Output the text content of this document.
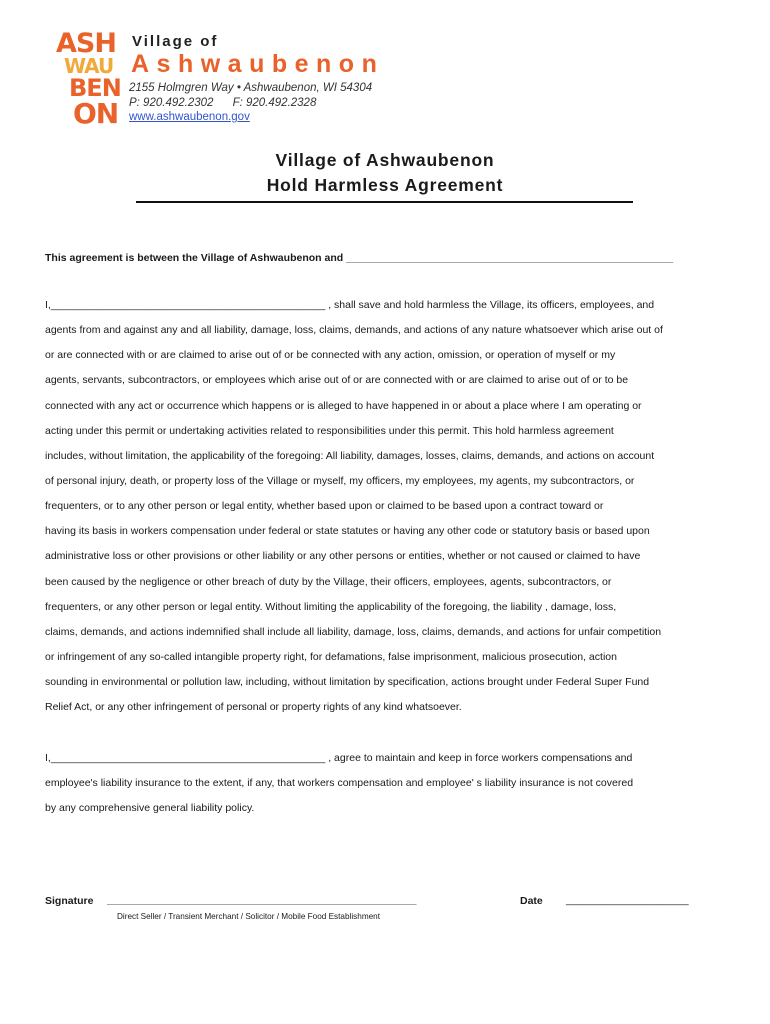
ASH
WAU
BEN
ON
Village of
Ashwaubenon
2155 Holmgren Way • Ashwaubenon, WI 54304
P: 920.492.2302      F: 920.492.2328
www.ashwaubenon.gov
Village of Ashwaubenon
Hold Harmless Agreement
This agreement is between the Village of Ashwaubenon and ________________________________________________________
I,_______________________________________________ , shall save and hold harmless the Village, its officers, employees, and
agents from and against any and all liability, damage, loss, claims, demands, and actions of any nature whatsoever which arise out of
or are connected with or are claimed to arise out of or be connected with any action, omission, or operation of myself or my
agents, servants, subcontractors, or employees which arise out of or are connected with or are claimed to arise out of or to be
connected with any act or occurrence which happens or is alleged to have happened in or about a place where I am operating or
acting under this permit or undertaking activities related to responsibilities under this permit. This hold harmless agreement
includes, without limitation, the applicability of the foregoing: All liability, damages, losses, claims, demands, and actions on account
of personal injury, death, or property loss of the Village or myself, my officers, my employees, my agents, my subcontractors, or
frequenters, or to any other person or legal entity, whether based upon or claimed to be based upon a contract toward or
having its basis in workers compensation under federal or state statutes or having any other code or statutory basis or based upon
administrative loss or other provisions or other liability or any other persons or entities, whether or not caused or claimed to have
been caused by the negligence or other breach of duty by the Village, their officers, employees, agents, subcontractors, or
frequenters, or any other person or legal entity. Without limiting the applicability of the foregoing, the liability , damage, loss,
claims, demands, and actions indemnified shall include all liability, damage, loss, claims, demands, and actions for unfair competition
or infringement of any so-called intangible property right, for defamations, false imprisonment, malicious prosecution, action
sounding in environmental or pollution law, including, without limitation by specification, actions brought under Federal Super Fund
Relief Act, or any other infringement of personal or property rights of any kind whatsoever.
I,_______________________________________________ , agree to maintain and keep in force workers compensations and
employee's liability insurance to the extent, if any, that workers compensation and employee' s liability insurance is not covered
by any comprehensive general liability policy.
Signature _____________________________________________________
Direct Seller / Transient Merchant / Solicitor / Mobile Food Establishment
Date _____________________
